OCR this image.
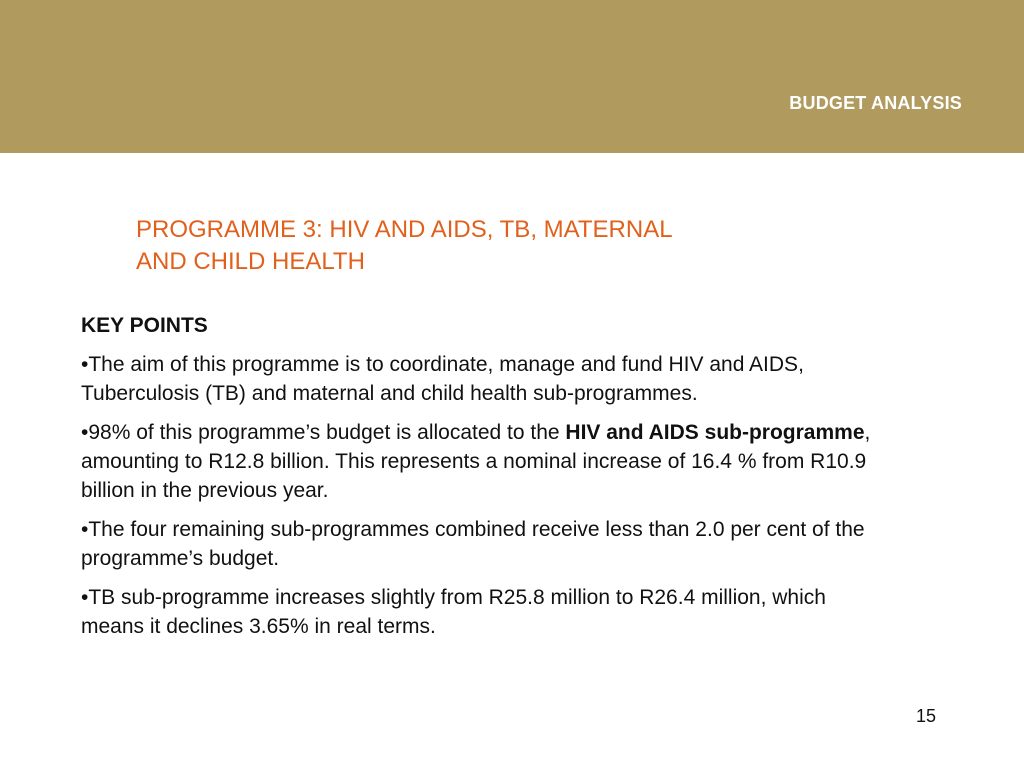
BUDGET ANALYSIS
PROGRAMME 3: HIV AND AIDS, TB, MATERNAL
AND CHILD HEALTH

KEY POINTS

•The aim of this programme is to coordinate, manage and fund HIV and AIDS, Tuberculosis (TB) and maternal and child health sub-programmes.

•98% of this programme’s budget is allocated to the HIV and AIDS sub-programme, amounting to R12.8 billion. This represents a nominal increase of 16.4 % from R10.9 billion in the previous year.

•The four remaining sub-programmes combined receive less than 2.0 per cent of the programme’s budget.

•TB sub-programme increases slightly from R25.8 million to R26.4 million, which means it declines 3.65% in real terms.

15
